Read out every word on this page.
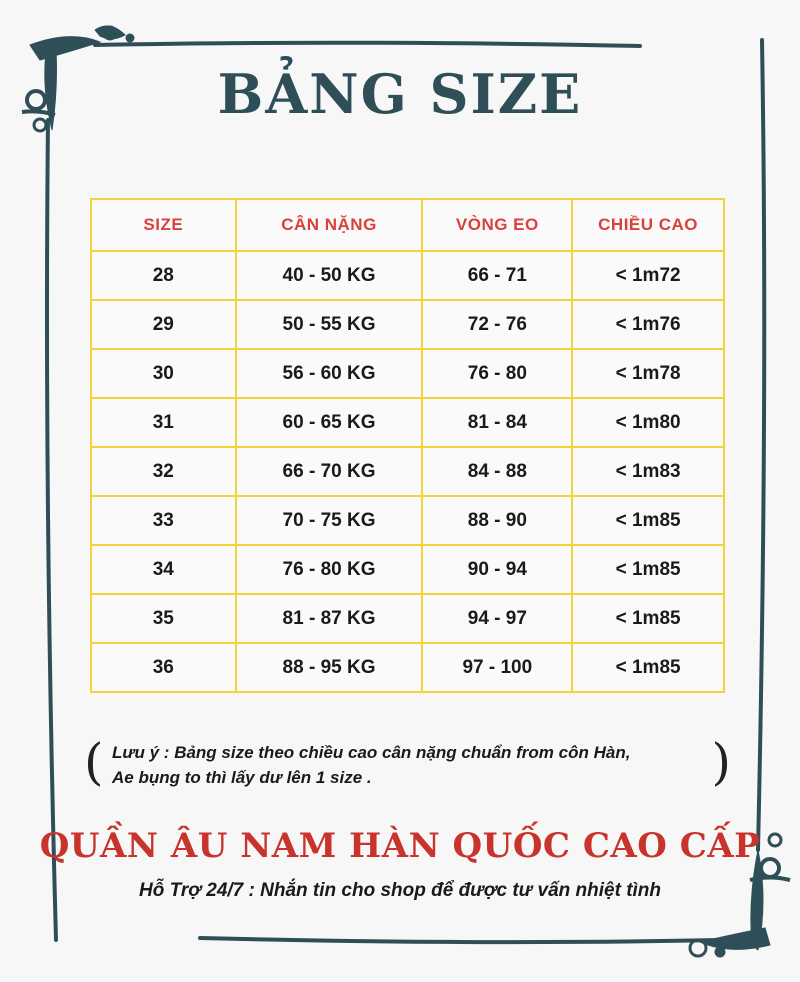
BẢNG SIZE
SIZE	CÂN NẶNG	VÒNG EO	CHIỀU CAO
28	40 - 50 KG	66 - 71	< 1m72
29	50 - 55 KG	72 - 76	< 1m76
30	56 - 60 KG	76 - 80	< 1m78
31	60 - 65 KG	81 - 84	< 1m80
32	66 - 70 KG	84 - 88	< 1m83
33	70 - 75 KG	88 - 90	< 1m85
34	76 - 80 KG	90 - 94	< 1m85
35	81 - 87 KG	94 - 97	< 1m85
36	88 - 95 KG	97 - 100	< 1m85
( Lưu ý : Bảng size theo chiều cao cân nặng chuẩn from côn Hàn,
Ae bụng to thì lấy dư lên 1 size .	)
QUẦN ÂU NAM HÀN QUỐC CAO CẤP
Hỗ Trợ 24/7 : Nhắn tin cho shop để được tư vấn nhiệt tình
